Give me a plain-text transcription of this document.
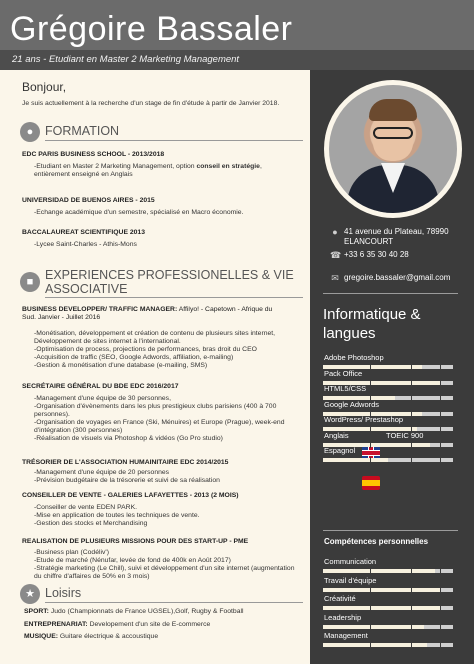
Grégoire Bassaler
21 ans - Etudiant en Master 2 Marketing Management
Bonjour,
Je suis actuellement à la recherche d'un stage de fin d'étude à partir de Janvier 2018.
● FORMATION
EDC PARIS BUSINESS SCHOOL - 2013/2018
-Etudiant en Master 2 Marketing Management, option conseil en stratégie, entièrement enseigné en Anglais
UNIVERSIDAD DE BUENOS AIRES - 2015
-Echange académique d'un semestre, spécialisé en Macro économie.
BACCALAUREAT SCIENTIFIQUE 2013
-Lycee Saint-Charles - Athis-Mons
■ EXPERIENCES PROFESSIONELLES & VIE ASSOCIATIVE
BUSINESS DEVELOPPER/ TRAFFIC MANAGER: Affilyo! - Capetown - Afrique du Sud. Janvier - Juillet 2016
-Monétisation, développement et création de contenu de plusieurs sites internet, Développement de sites internet à l'international.
-Optimisation de process, projections de performances, bras droit du CEO
-Acquisition de traffic (SEO, Google Adwords, affiliation, e-mailing)
-Gestion & monétisation d'une database (e-mailing, SMS)
SECRÉTAIRE GÉNÉRAL DU BDE EDC 2016/2017
-Management d'une équipe de 30 personnes,
-Organisation d'évènements dans les plus prestigieux clubs parisiens (400 à 700 personnes).
-Organisation de voyages en France (Ski, Ménuires) et Europe (Prague), week-end d'intégration (300 personnes)
-Réalisation de visuels via Photoshop & vidéos (Go Pro studio)
TRÉSORIER DE L'ASSOCIATION HUMAINITAIRE EDC 2014/2015
-Management d'une équipe de 20 personnes
-Prévision budgétaire de la trésorerie et suivi de sa réalisation
CONSEILLER DE VENTE - GALERIES LAFAYETTES - 2013 (2 MOIS)
-Conseiller de vente EDEN PARK.
-Mise en application de toutes les techniques de vente.
-Gestion des stocks et Merchandising
REALISATION DE PLUSIEURS MISSIONS POUR DES START-UP - PME
-Business plan (Codéliv')
-Etude de marché (Nénufar, levée de fond de 400k en Août 2017)
-Stratégie marketing (Le Chill), suivi et développement d'un site internet (augmentation du chiffre d'affaires de 50% en 3 mois)
★ Loisirs
SPORT: Judo (Championnats de France UGSEL),Golf, Rugby & Football
ENTREPRENARIAT: Developement d'un site de E-commerce
MUSIQUE: Guitare électrique & accoustique
● 41 avenue du Plateau, 78990
ELANCOURT
☎ +33 6 35 30 40 28
✉ gregoire.bassaler@gmail.com
Informatique & langues
Compétences personnelles
Adobe Photoshop
Pack Office
HTML5/CSS
Google Adwords
WordPress/ Prestashop
Anglais	TOEIC 900
Espagnol
Communication
Travail d'équipe
Créativité
Leadership
Management
